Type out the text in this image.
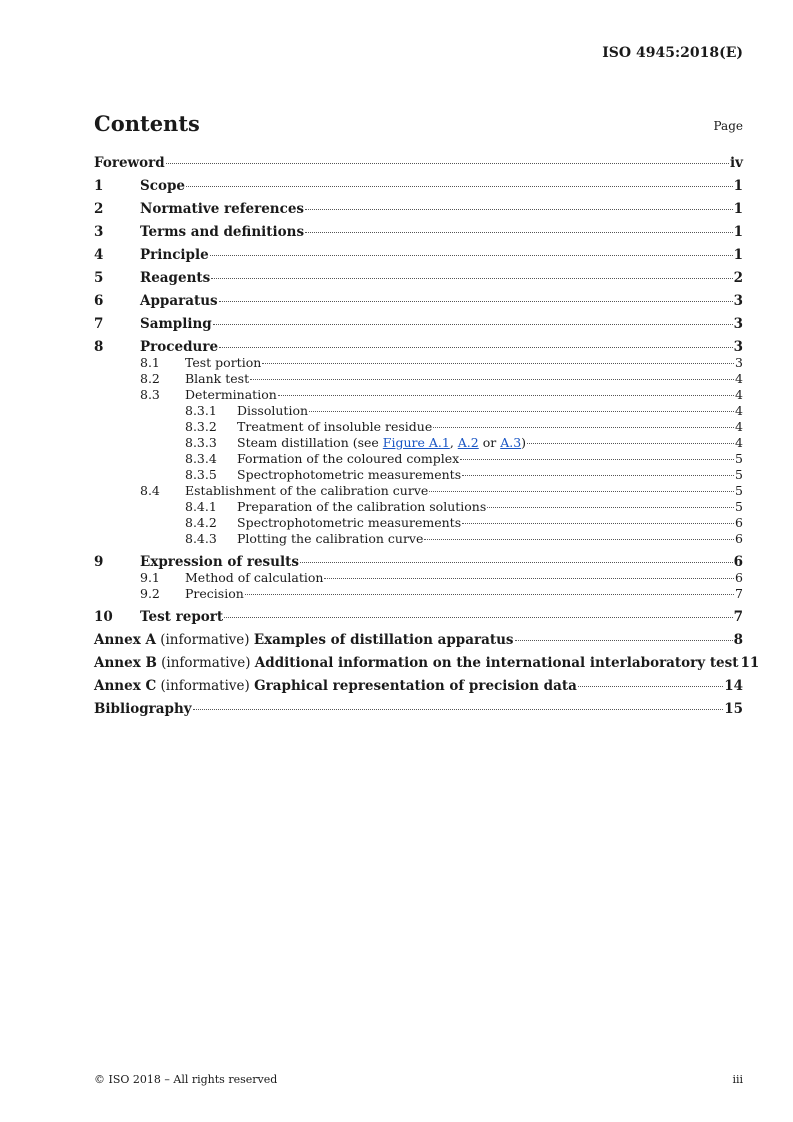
ISO 4945:2018(E)
Contents	Page
Foreword	iv
1	Scope	1
2	Normative references	1
3	Terms and definitions	1
4	Principle	1
5	Reagents	2
6	Apparatus	3
7	Sampling	3
8	Procedure	3
8.1	Test portion	3
8.2	Blank test	4
8.3	Determination	4
8.3.1	Dissolution	4
8.3.2	Treatment of insoluble residue	4
8.3.3	Steam distillation (see Figure A.1, A.2 or A.3)	4
8.3.4	Formation of the coloured complex	5
8.3.5	Spectrophotometric measurements	5
8.4	Establishment of the calibration curve	5
8.4.1	Preparation of the calibration solutions	5
8.4.2	Spectrophotometric measurements	6
8.4.3	Plotting the calibration curve	6
9	Expression of results	6
9.1	Method of calculation	6
9.2	Precision	7
10	Test report	7
Annex A (informative) Examples of distillation apparatus	8
Annex B (informative) Additional information on the international interlaboratory test 11
Annex C (informative) Graphical representation of precision data	14
Bibliography	15
© ISO 2018 – All rights reserved	iii
